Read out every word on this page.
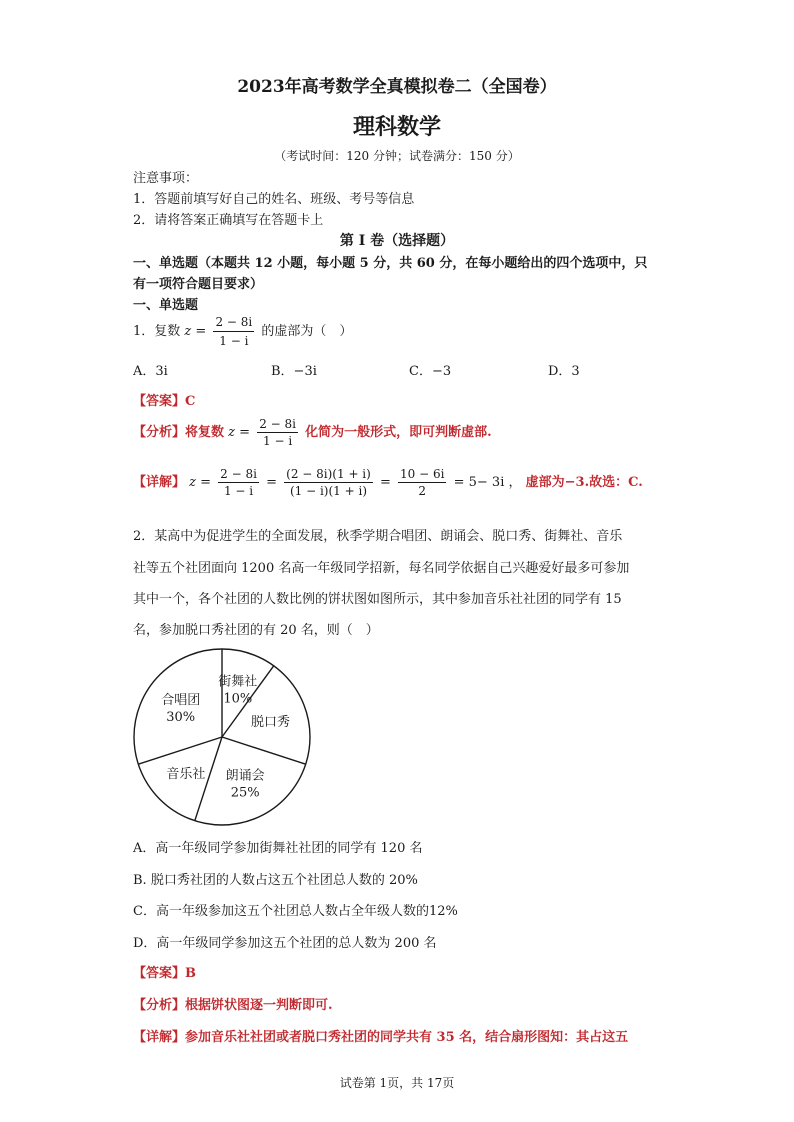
2023年高考数学全真模拟卷二（全国卷）
理科数学
（考试时间：120 分钟；试卷满分：150 分）
注意事项：
1．答题前填写好自己的姓名、班级、考号等信息
2．请将答案正确填写在答题卡上
第 I 卷（选择题）
一、单选题（本题共 12 小题，每小题 5 分，共 60 分，在每小题给出的四个选项中，只
有一项符合题目要求）
一、单选题
1．复数 $z = \frac{2 - 8i}{1 - i}$ 的虚部为（　）
A．3i	B．−3i	C．−3	D．3
【答案】C
【分析】将复数 $z = \frac{2 - 8i}{1 - i}$ 化简为一般形式，即可判断虚部.
【详解】 $z = \frac{2 - 8i}{1 - i} = \frac{(2 - 8i)(1 + i)}{(1 - i)(1 + i)} = \frac{10 - 6i}{2} = 5- 3i$ ， 虚部为−3.故选：C.
2．某高中为促进学生的全面发展，秋季学期合唱团、朗诵会、脱口秀、街舞社、音乐
社等五个社团面向 1200 名高一年级同学招新，每名同学依据自己兴趣爱好最多可参加
其中一个，各个社团的人数比例的饼状图如图所示，其中参加音乐社社团的同学有 15
名，参加脱口秀社团的有 20 名，则（　）
街舞社
10%
脱口秀
朗诵会
25%
音乐社
合唱团
30%
A．高一年级同学参加街舞社社团的同学有 120 名
B. 脱口秀社团的人数占这五个社团总人数的 20%
C．高一年级参加这五个社团总人数占全年级人数的12%
D．高一年级同学参加这五个社团的总人数为 200 名
【答案】B
【分析】根据饼状图逐一判断即可.
【详解】参加音乐社社团或者脱口秀社团的同学共有 35 名，结合扇形图知：其占这五
试卷第 1页，共 17页
